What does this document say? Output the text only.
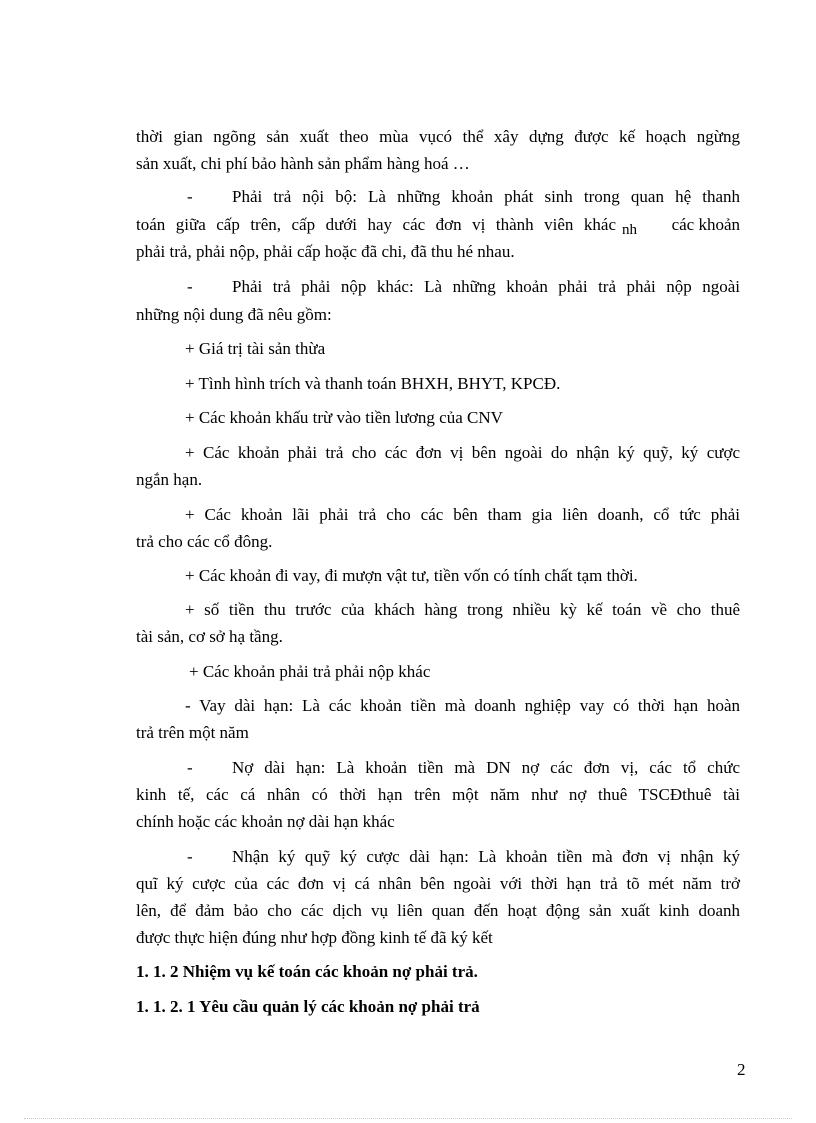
thời gian ngõng sản xuất theo mùa vụcó thể xây dựng được kế hoạch ngừng
sản xuất, chi phí bảo hành sản phẩm hàng hoá …
- Phải trả nội bộ: Là những khoản phát sinh trong quan hệ thanh
toán giữa cấp trên, cấp dưới hay các đơn vị thành viên khác nh	các khoản
phải trả, phải nộp, phải cấp hoặc đã chi, đã thu hé nhau.
- Phải trả phải nộp khác: Là những khoản phải trả phải nộp ngoài
những nội dung đã nêu gồm:
+ Giá trị tài sản thừa
+ Tình hình trích và thanh toán BHXH, BHYT, KPCĐ.
+ Các khoản khấu trừ vào tiền lương của CNV
+ Các khoản phải trả cho các đơn vị bên ngoài do nhận ký quỹ, ký cược
ngắn hạn.
+ Các khoản lãi phải trả cho các bên tham gia liên doanh, cổ tức phải
trả cho các cổ đông.
+ Các khoản đi vay, đi mượn vật tư, tiền vốn có tính chất tạm thời.
+ số tiền thu trước của khách hàng trong nhiều kỳ kế toán về cho thuê
tài sản, cơ sở hạ tầng.
+ Các khoản phải trả phải nộp khác
- Vay dài hạn: Là các khoản tiền mà doanh nghiệp vay có thời hạn hoàn
trả trên một năm
- Nợ dài hạn: Là khoản tiền mà DN nợ các đơn vị, các tổ chức
kinh tế, các cá nhân có thời hạn trên một năm như nợ thuê TSCĐthuê tài
chính hoặc các khoản nợ dài hạn khác
- Nhận ký quỹ ký cược dài hạn: Là khoản tiền mà đơn vị nhận ký
quĩ ký cược của các đơn vị cá nhân bên ngoài với thời hạn trả tõ mét năm trở
lên, để đảm bảo cho các dịch vụ liên quan đến hoạt động sản xuất kinh doanh
được thực hiện đúng như hợp đồng kinh tế đã ký kết
1. 1. 2 Nhiệm vụ kế toán các khoản nợ phải trả.
1. 1. 2. 1 Yêu cầu quản lý các khoản nợ phải trả
2
